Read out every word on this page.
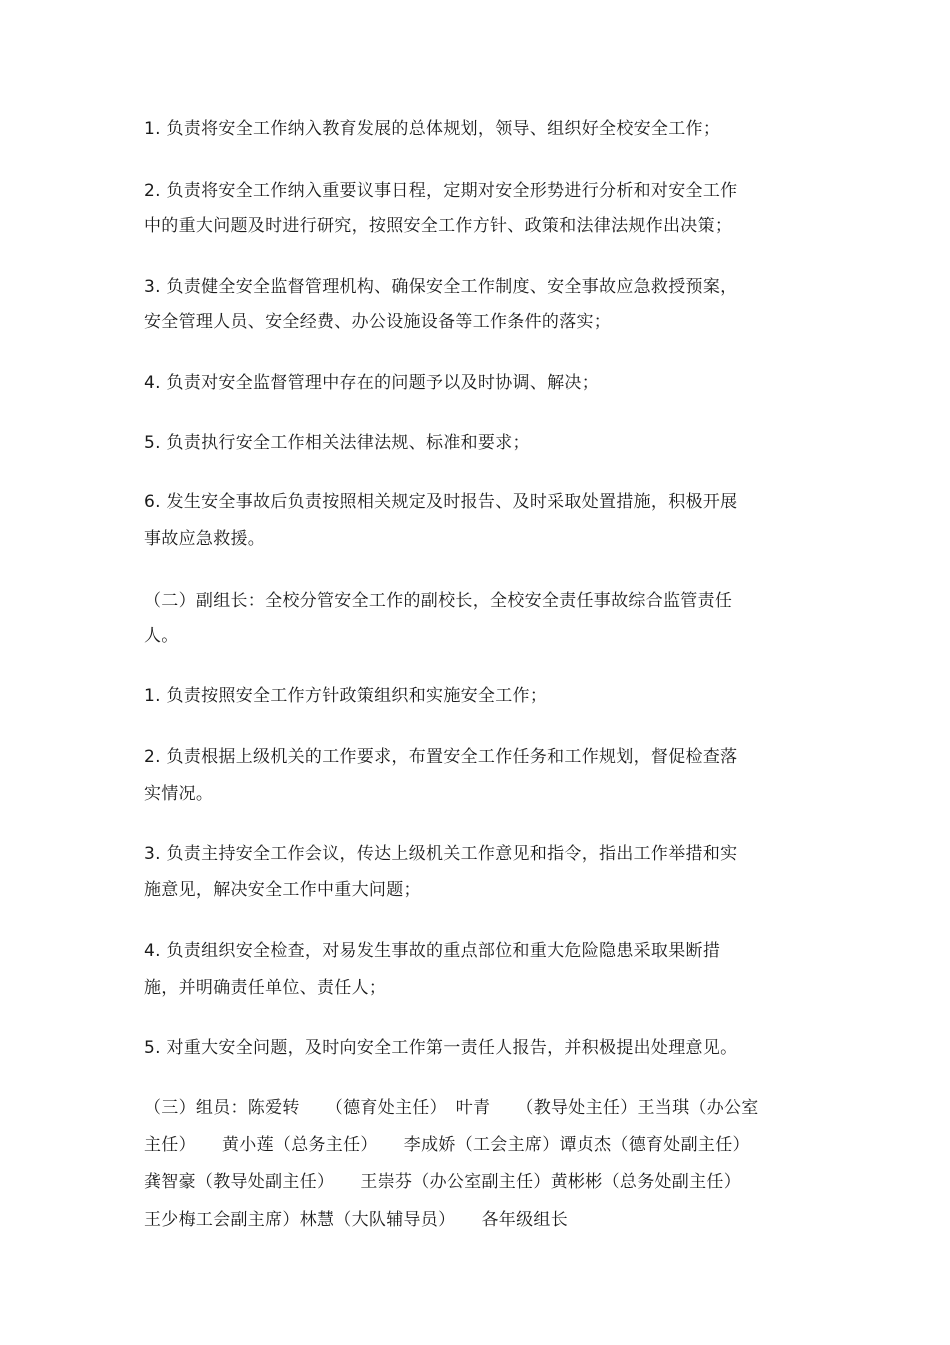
1. 负责将安全工作纳入教育发展的总体规划，领导、组织好全校安全工作；
2. 负责将安全工作纳入重要议事日程，定期对安全形势进行分析和对安全工作
中的重大问题及时进行研究，按照安全工作方针、政策和法律法规作出决策；
3. 负责健全安全监督管理机构、确保安全工作制度、安全事故应急救授预案，
安全管理人员、安全经费、办公设施设备等工作条件的落实；
4. 负责对安全监督管理中存在的问题予以及时协调、解决；
5. 负责执行安全工作相关法律法规、标准和要求；
6. 发生安全事故后负责按照相关规定及时报告、及时采取处置措施，积极开展
事故应急救援。
（二）副组长：全校分管安全工作的副校长，全校安全责任事故综合监管责任
人。
1. 负责按照安全工作方针政策组织和实施安全工作；
2. 负责根据上级机关的工作要求，布置安全工作任务和工作规划，督促检查落
实情况。
3. 负责主持安全工作会议，传达上级机关工作意见和指令，指出工作举措和实
施意见，解决安全工作中重大问题；
4. 负责组织安全检查，对易发生事故的重点部位和重大危险隐患采取果断措
施，并明确责任单位、责任人；
5. 对重大安全问题，及时向安全工作第一责任人报告，并积极提出处理意见。
（三）组员：陈爱转　　（德育处主任）　叶青　　（教导处主任）王当琪（办公室
主任）　　黄小莲（总务主任）　　李成娇（工会主席）谭贞杰（德育处副主任）
龚智豪（教导处副主任）　　王崇芬（办公室副主任）黄彬彬（总务处副主任）
王少梅工会副主席）林慧（大队辅导员）　　各年级组长
